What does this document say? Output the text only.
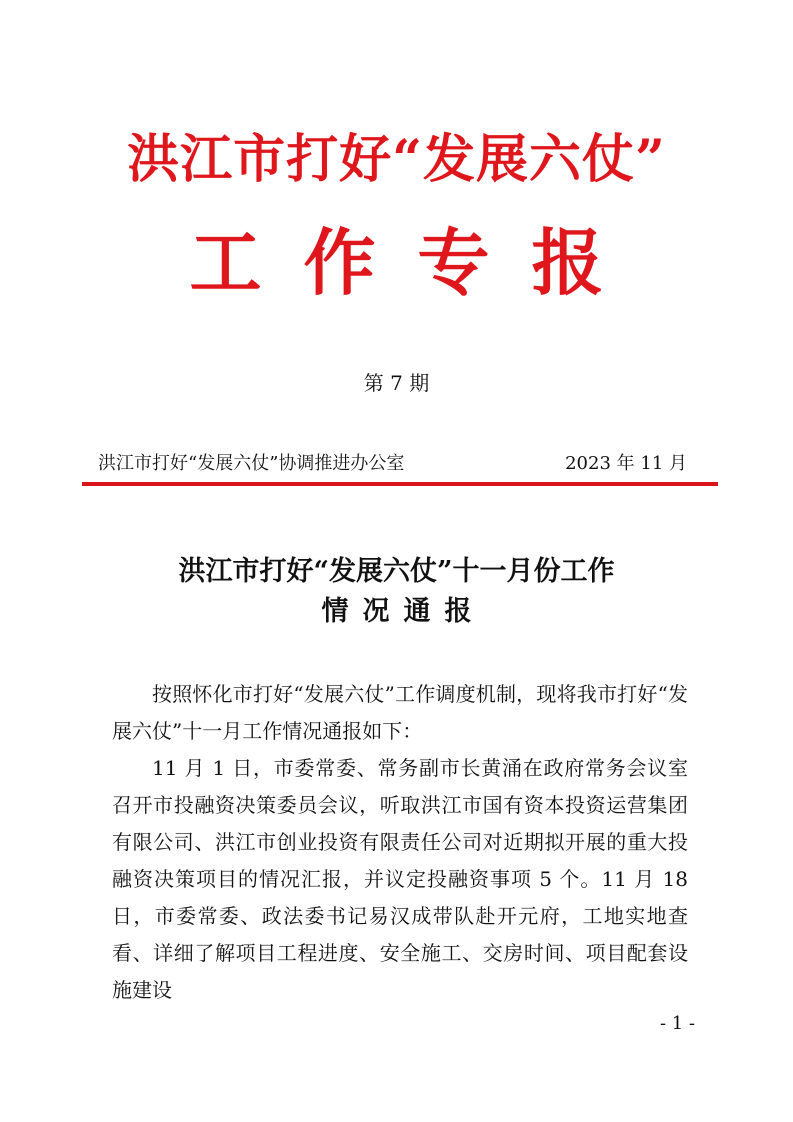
洪江市打好“发展六仗”
工作专报
第 7 期
洪江市打好“发展六仗”协调推进办公室	2023 年 11 月
洪江市打好“发展六仗”十一月份工作
情况通报

按照怀化市打好“发展六仗”工作调度机制，现将我市打好“发展六仗”十一月工作情况通报如下：

11 月 1 日，市委常委、常务副市长黄涌在政府常务会议室召开市投融资决策委员会议，听取洪江市国有资本投资运营集团有限公司、洪江市创业投资有限责任公司对近期拟开展的重大投融资决策项目的情况汇报，并议定投融资事项 5 个。11 月 18 日，市委常委、政法委书记易汉成带队赴开元府，工地实地查看、详细了解项目工程进度、安全施工、交房时间、项目配套设施建设

- 1 -
